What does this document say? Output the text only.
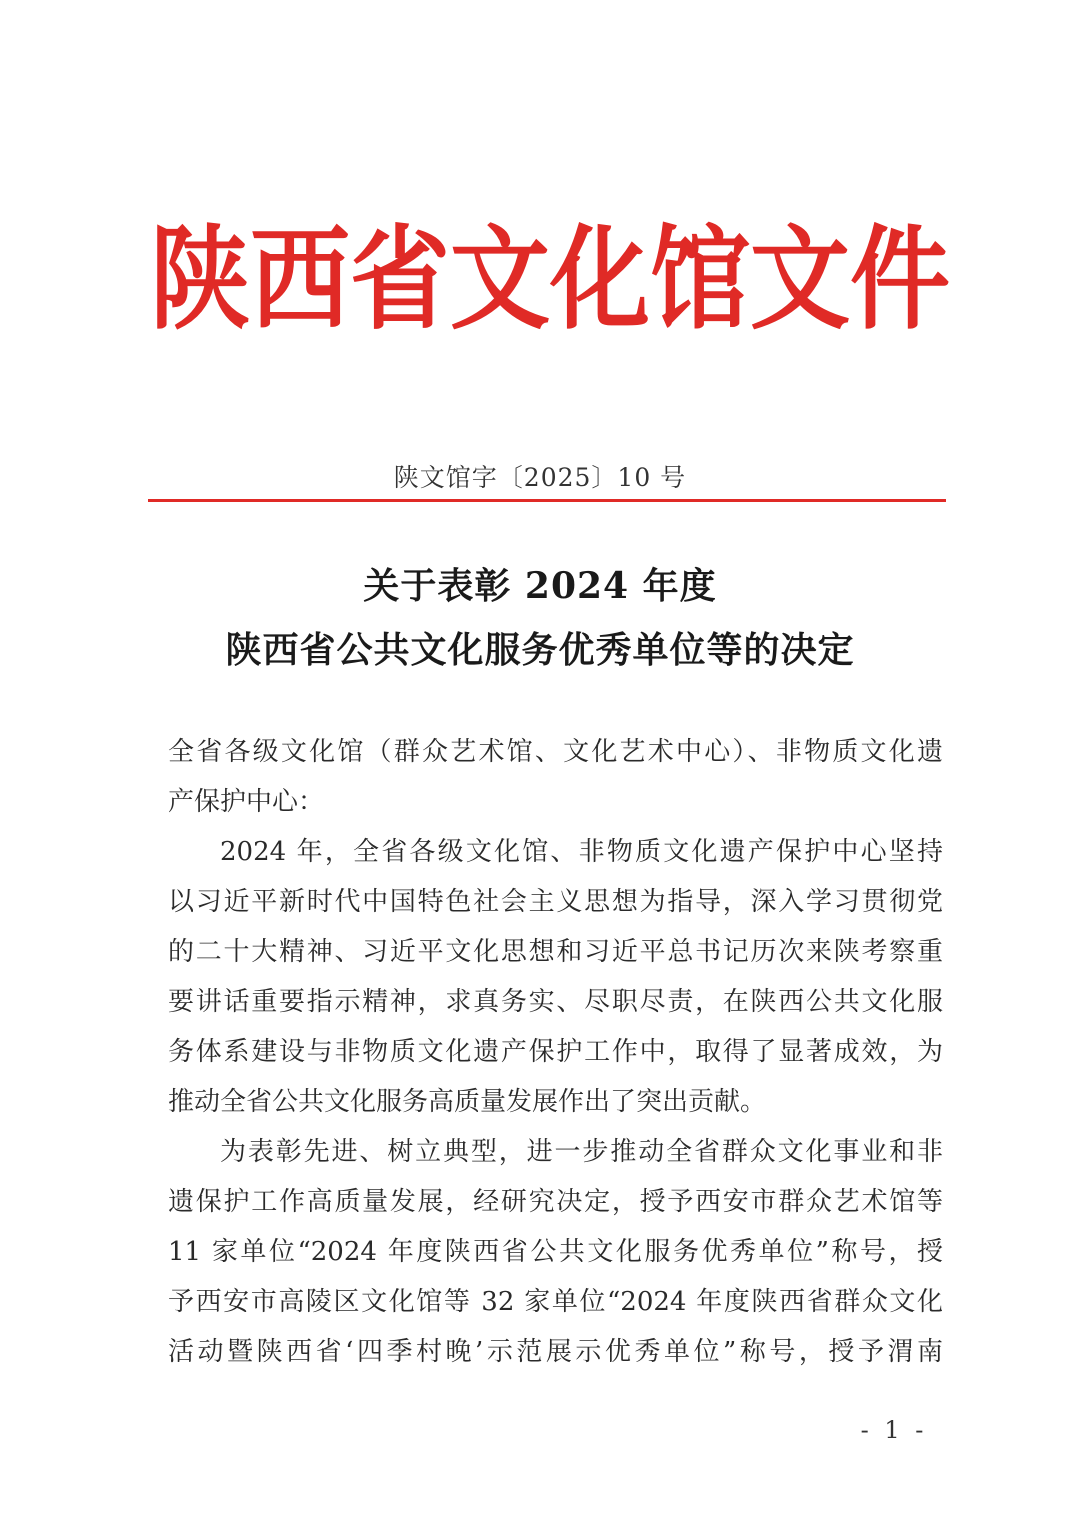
陕 西 省 文 化 馆 文 件
陕文馆字〔2025〕10 号
关于表彰 2024 年度
陕西省公共文化服务优秀单位等的决定
全省各级文化馆（群众艺术馆、文化艺术中心）、非物质文化遗
产保护中心：
2024 年，全省各级文化馆、非物质文化遗产保护中心坚持
以习近平新时代中国特色社会主义思想为指导，深入学习贯彻党
的二十大精神、习近平文化思想和习近平总书记历次来陕考察重
要讲话重要指示精神，求真务实、尽职尽责，在陕西公共文化服
务体系建设与非物质文化遗产保护工作中，取得了显著成效，为
推动全省公共文化服务高质量发展作出了突出贡献。
为表彰先进、树立典型，进一步推动全省群众文化事业和非
遗保护工作高质量发展，经研究决定，授予西安市群众艺术馆等
11 家单位“2024 年度陕西省公共文化服务优秀单位”称号，授
予西安市高陵区文化馆等 32 家单位“2024 年度陕西省群众文化
活动暨陕西省‘四季村晚’示范展示优秀单位”称号，授予渭南
- 1 -
